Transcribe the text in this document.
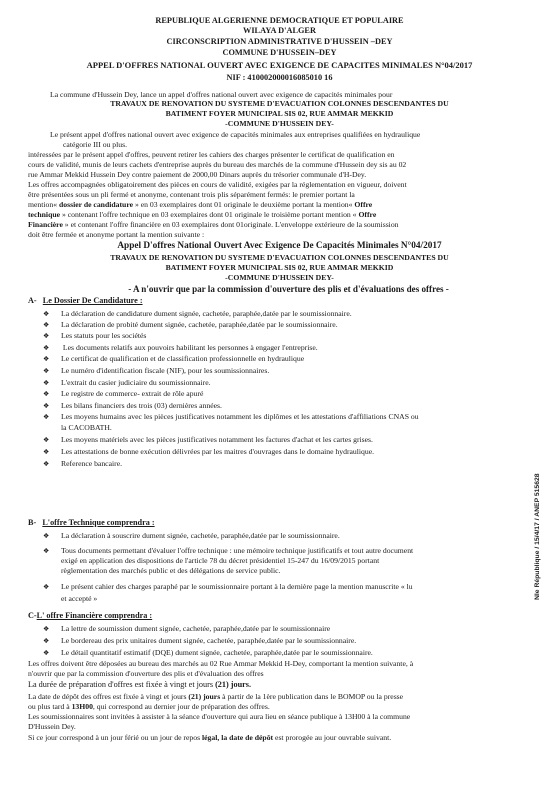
REPUBLIQUE ALGERIENNE DEMOCRATIQUE ET POPULAIRE
WILAYA D'ALGER
CIRCONSCRIPTION ADMINISTRATIVE D'HUSSEIN –DEY
COMMUNE D'HUSSEIN–DEY
APPEL D'OFFRES NATIONAL OUVERT AVEC EXIGENCE DE CAPACITES MINIMALES N°04/2017
NIF : 410002000016085010 16
La commune d'Hussein Dey, lance un appel d'offres national ouvert avec exigence de capacités minimales pour
TRAVAUX DE RENOVATION DU SYSTEME D'EVACUATION COLONNES DESCENDANTES DU
BATIMENT FOYER MUNICIPAL SIS 02, RUE AMMAR MEKKID
-COMMUNE D'HUSSEIN DEY-
Le présent appel d'offres national ouvert avec exigence de capacités minimales aux entreprises qualifiées en hydraulique
catégorie III ou plus.
intéressées par le présent appel d'offres, peuvent retirer les cahiers des charges présenter le certificat de qualification en
cours de validité, munis de leurs cachets d'entreprise auprès du bureau des marchés de la commune d'Hussein dey sis au 02
rue Ammar Mekkid Hussein Dey contre paiement de 2000,00 Dinars auprès du trésorier communale d'H-Dey.
Les offres accompagnées obligatoirement des pièces en cours de validité, exigées par la réglementation en vigueur, doivent
être présentées sous un pli fermé et anonyme, contenant trois plis séparément fermés: le premier portant la
mention« dossier de candidature » en 03 exemplaires dont 01 originale le deuxième portant la mention« Offre
technique » contenant l'offre technique en 03 exemplaires dont 01 originale le troisième portant mention « Offre
Financière » et contenant l'offre financière en 03 exemplaires dont 01originale. L'enveloppe extérieure de la soumission
doit être fermée et anonyme portant la mention suivante :
Appel D'offres National Ouvert Avec Exigence De Capacités Minimales N°04/2017
TRAVAUX DE RENOVATION DU SYSTEME D'EVACUATION COLONNES DESCENDANTES DU
BATIMENT FOYER MUNICIPAL SIS 02, RUE AMMAR MEKKID
-COMMUNE D'HUSSEIN DEY-
- A n'ouvrir que par la commission d'ouverture des plis et d'évaluations des offres -
A- Le Dossier De Candidature :
❖ La déclaration de candidature dument signée, cachetée, paraphée,datée par le soumissionnaire.
❖ La déclaration de probité dument signée, cachetée, paraphée,datée par le soumissionnaire.
❖ Les statuts pour les sociétés
❖ Les documents relatifs aux pouvoirs habilitant les personnes à engager l'entreprise.
❖ Le certificat de qualification et de classification professionnelle en hydraulique
❖ Le numéro d'identification fiscale (NIF), pour les soumissionnaires.
❖ L'extrait du casier judiciaire du soumissionnaire.
❖ Le registre de commerce- extrait de rôle apuré
❖ Les bilans financiers des trois (03) dernières années.
❖ Les moyens humains avec les pièces justificatives notamment les diplômes et les attestations d'affiliations CNAS ou
la CACOBATH.
❖ Les moyens matériels avec les pièces justificatives notamment les factures d'achat et les cartes grises.
❖ Les attestations de bonne exécution délivrées par les maitres d'ouvrages dans le domaine hydraulique.
❖ Reference bancaire.
B- L'offre Technique comprendra :
❖ La déclaration à souscrire dument signée, cachetée, paraphée,datée par le soumissionnaire.
❖ Tous documents permettant d'évaluer l'offre technique : une mémoire technique justificatifs et tout autre document
exigé en application des dispositions de l'article 78 du décret présidentiel 15-247 du 16/09/2015 portant
règlementation des marchés public et des délégations de service public.
❖ Le présent cahier des charges paraphé par le soumissionnaire portant à la dernière page la mention manuscrite « lu
et accepté »
C-L' offre Financière comprendra :
❖ La lettre de soumission dument signée, cachetée, paraphée,datée par le soumissionnaire
❖ Le bordereau des prix unitaires dument signée, cachetée, paraphée,datée par le soumissionnaire.
❖ Le détail quantitatif estimatif (DQE) dument signée, cachetée, paraphée,datée par le soumissionnaire.
Les offres doivent être déposées au bureau des marchés au 02 Rue Ammar Mekkid H-Dey, comportant la mention suivante, à
n'ouvrir que par la commission d'ouverture des plis et d'évaluation des offres
La durée de préparation d'offres est fixée à vingt et jours (21) jours.
La date de dépôt des offres est fixée à vingt et jours (21) jours à partir de la 1ère publication dans le BOMOP ou la presse
ou plus tard à 13H00, qui correspond au dernier jour de préparation des offres.
Les soumissionnaires sont invitées à assister à la séance d'ouverture qui aura lieu en séance publique à 13H00 à la commune
D'Hussein Dey.
Si ce jour correspond à un jour férié ou un jour de repos légal, la date de dépôt est prorogée au jour ouvrable suivant.
Nle République / 15/4/17 / ANEP 515628
